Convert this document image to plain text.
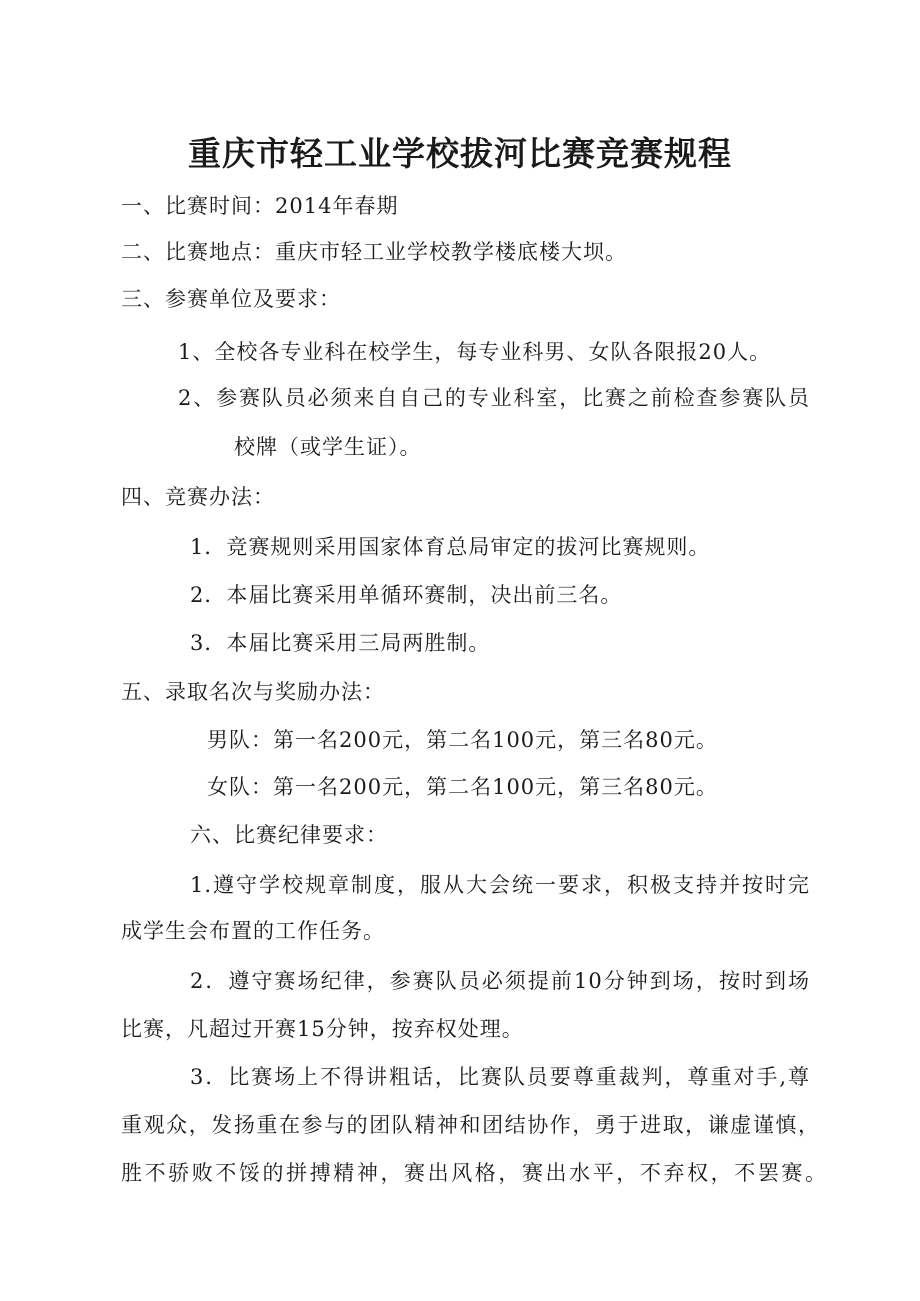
重庆市轻工业学校拔河比赛竞赛规程
一、比赛时间：2014年春期
二、比赛地点：重庆市轻工业学校教学楼底楼大坝。
三、参赛单位及要求：
1、全校各专业科在校学生，每专业科男、女队各限报20人。
2、参赛队员必须来自自己的专业科室，比赛之前检查参赛队员
校牌（或学生证）。
四、竞赛办法：
1．竞赛规则采用国家体育总局审定的拔河比赛规则。
2．本届比赛采用单循环赛制，决出前三名。
3．本届比赛采用三局两胜制。
五、录取名次与奖励办法：
男队：第一名200元，第二名100元，第三名80元。
女队：第一名200元，第二名100元，第三名80元。
六、比赛纪律要求：
1.遵守学校规章制度，服从大会统一要求，积极支持并按时完
成学生会布置的工作任务。
2．遵守赛场纪律，参赛队员必须提前10分钟到场，按时到场
比赛，凡超过开赛15分钟，按弃权处理。
3．比赛场上不得讲粗话，比赛队员要尊重裁判，尊重对手,尊
重观众，发扬重在参与的团队精神和团结协作，勇于进取，谦虚谨慎，
胜不骄败不馁的拼搏精神，赛出风格，赛出水平，不弃权，不罢赛。
